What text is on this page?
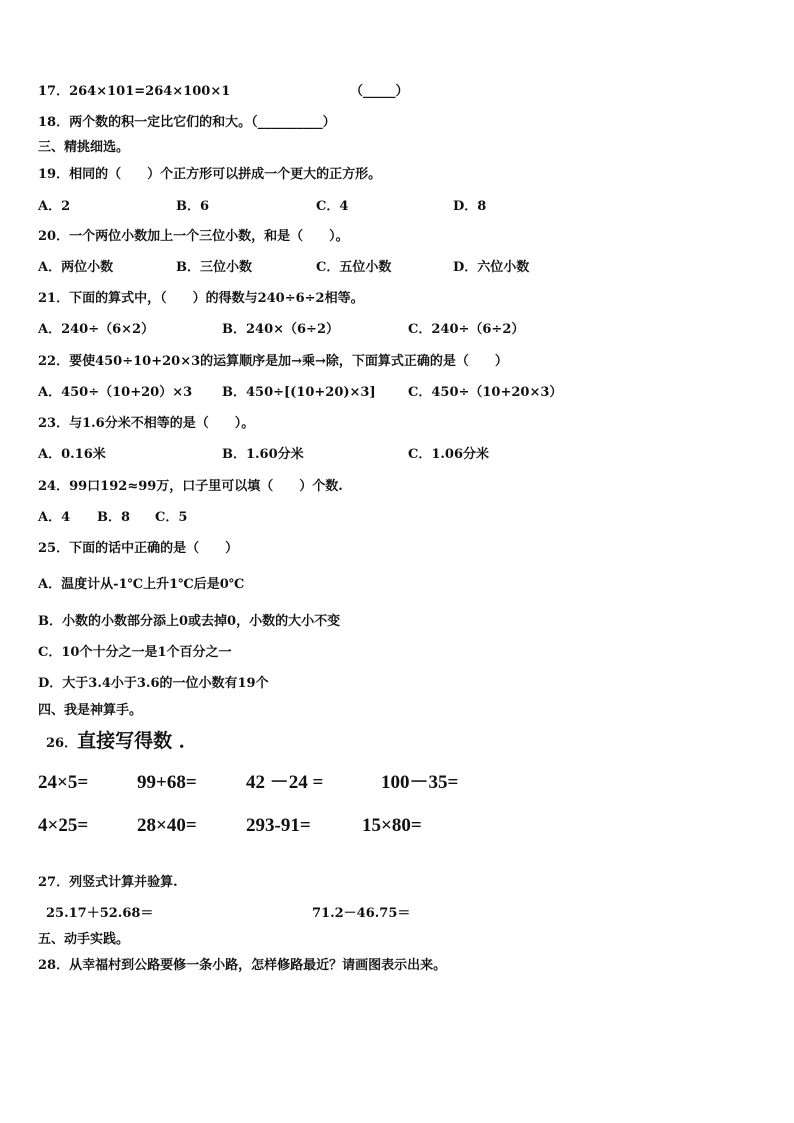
17．264×101=264×100×1	（_____）
18．两个数的积一定比它们的和大。（__________）
三、精挑细选。
19．相同的（　　）个正方形可以拼成一个更大的正方形。
A．2	B．6	C．4	D．8
20．一个两位小数加上一个三位小数，和是（　　）。
A．两位小数	B．三位小数	C．五位小数	D．六位小数
21．下面的算式中，（　　）的得数与240÷6÷2相等。
A．240÷（6×2）	B．240×（6÷2）	C．240÷（6÷2）
22．要使450÷10+20×3的运算顺序是加→乘→除，下面算式正确的是（　　）
A．450÷（10+20）×3 B．450÷[(10+20)×3] C．450÷（10+20×3）
23．与1.6分米不相等的是（　　）。
A．0.16米	B．1.60分米	C．1.06分米
24．99口192≈99万，口子里可以填（　　）个数.
A．4 B．8 C．5
25．下面的话中正确的是（　　）
A．温度计从-1℃上升1℃后是0℃
B．小数的小数部分添上0或去掉0，小数的大小不变
C．10个十分之一是1个百分之一
D．大于3.4小于3.6的一位小数有19个
四、我是神算手。
26．直接写得数 ．
24×5=	99+68=	42 －24 =	100－35=
4×25=	28×40=	293-91=	15×80=
27．列竖式计算并验算.
25.17＋52.68＝	71.2－46.75＝
五、动手实践。
28．从幸福村到公路要修一条小路，怎样修路最近？请画图表示出来。
